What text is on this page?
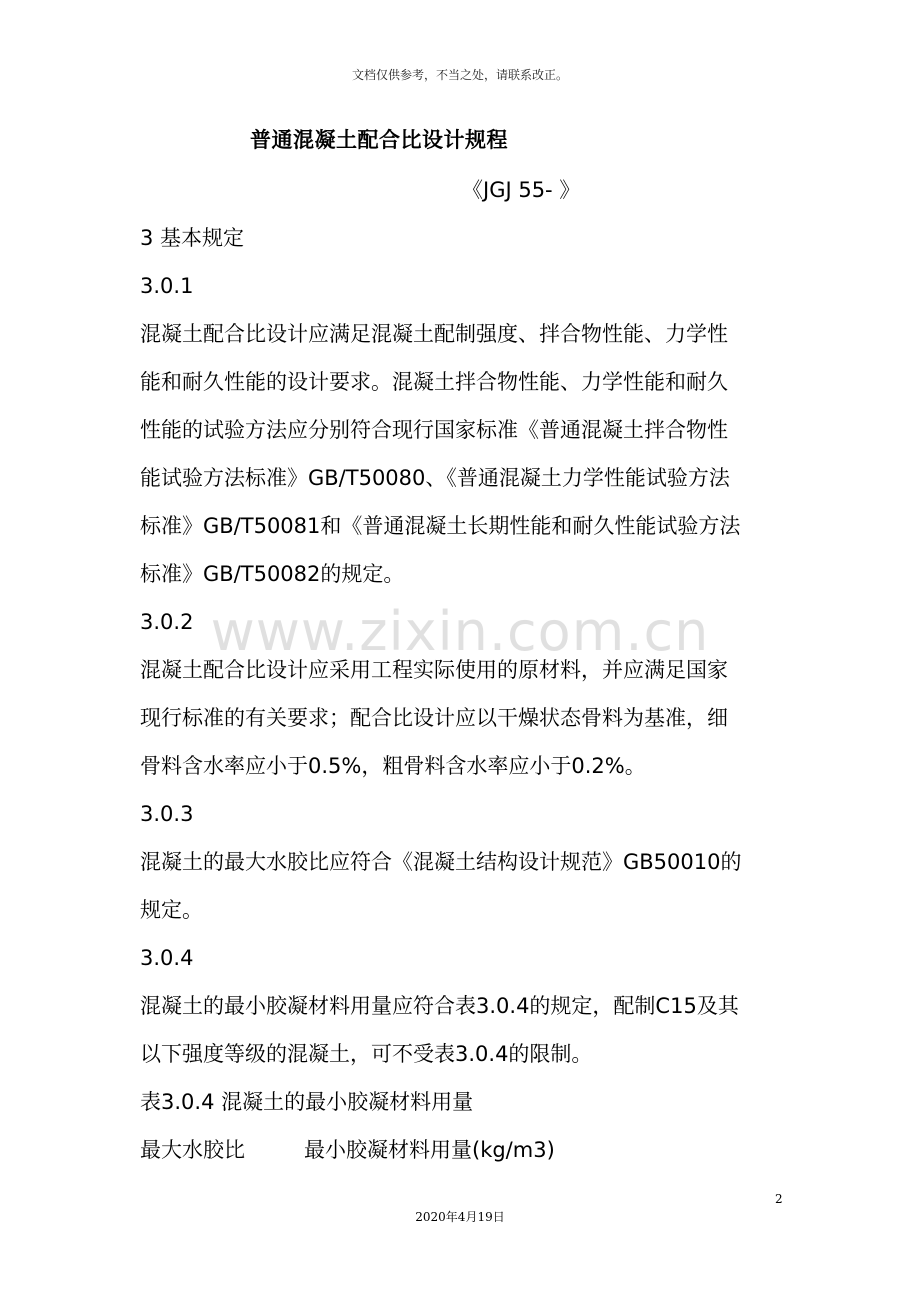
文档仅供参考，不当之处，请联系改正。
普通混凝土配合比设计规程
《JGJ 55- 》
3 基本规定
3.0.1
混凝土配合比设计应满足混凝土配制强度、拌合物性能、力学性
能和耐久性能的设计要求。混凝土拌合物性能、力学性能和耐久
性能的试验方法应分别符合现行国家标准《普通混凝土拌合物性
能试验方法标准》GB/T50080、《普通混凝土力学性能试验方法
标准》GB/T50081和《普通混凝土长期性能和耐久性能试验方法
标准》GB/T50082的规定。
3.0.2
混凝土配合比设计应采用工程实际使用的原材料，并应满足国家
现行标准的有关要求；配合比设计应以干燥状态骨料为基准，细
骨料含水率应小于0.5%，粗骨料含水率应小于0.2%。
3.0.3
混凝土的最大水胶比应符合《混凝土结构设计规范》GB50010的
规定。
3.0.4
混凝土的最小胶凝材料用量应符合表3.0.4的规定，配制C15及其
以下强度等级的混凝土，可不受表3.0.4的限制。
表3.0.4 混凝土的最小胶凝材料用量
最大水胶比	最小胶凝材料用量(kg/m3)
www.zixin.com.cn
2
2020年4月19日
